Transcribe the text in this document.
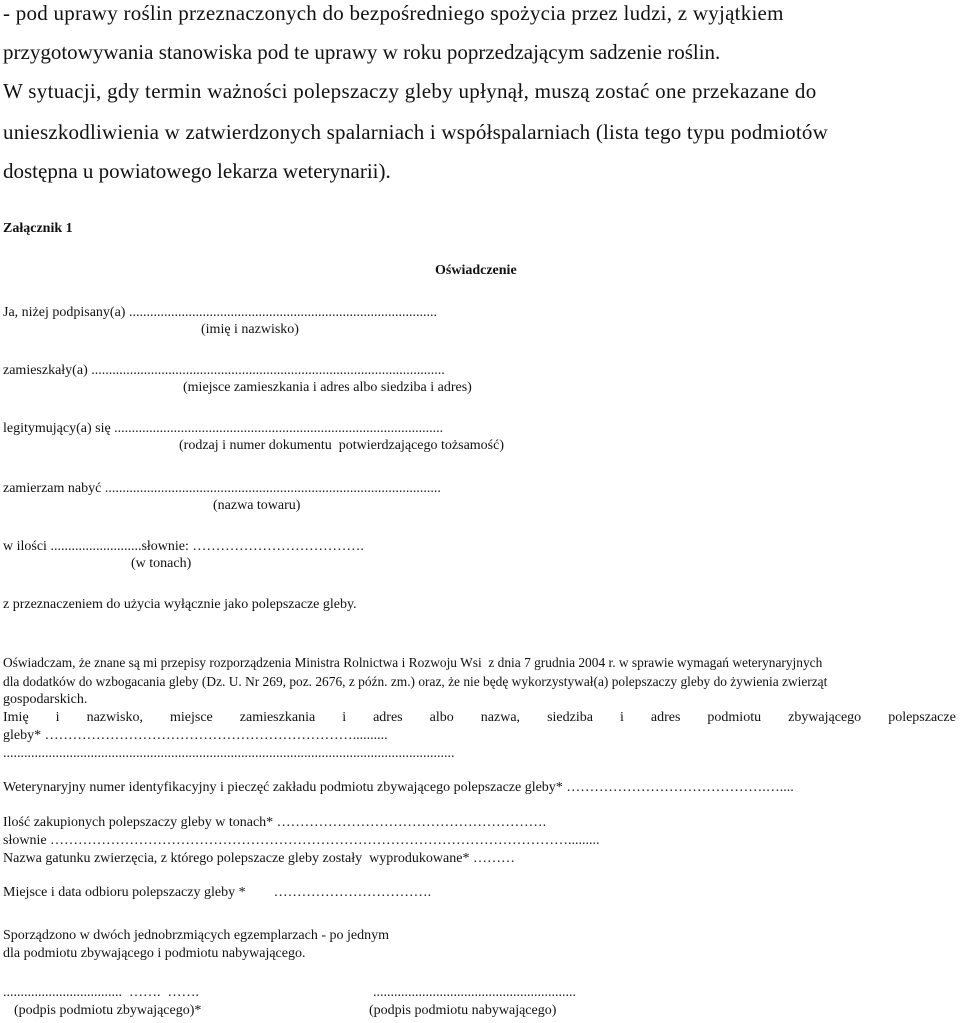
- pod uprawy roślin przeznaczonych do bezpośredniego spożycia przez ludzi, z wyjątkiem
przygotowywania stanowiska pod te uprawy w roku poprzedzającym sadzenie roślin.
W sytuacji, gdy termin ważności polepszaczy gleby upłynął, muszą zostać one przekazane do
unieszkodliwienia w zatwierdzonych spalarniach i współspalarniach (lista tego typu podmiotów
dostępna u powiatowego lekarza weterynarii).
Załącznik 1
Oświadczenie
Ja, niżej podpisany(a) ........................................................................................
(imię i nazwisko)
zamieszkały(a) .....................................................................................................
(miejsce zamieszkania i adres albo siedziba i adres)
legitymujący(a) się ..............................................................................................
(rodzaj i numer dokumentu  potwierdzającego tożsamość)
zamierzam nabyć ................................................................................................
(nazwa towaru)
w ilości ..........................słownie: ……………………………….
(w tonach)
z przeznaczeniem do użycia wyłącznie jako polepszacze gleby.
Oświadczam, że znane są mi przepisy rozporządzenia Ministra Rolnictwa i Rozwoju Wsi  z dnia 7 grudnia 2004 r. w sprawie wymagań weterynaryjnych
dla dodatków do wzbogacania gleby (Dz. U. Nr 269, poz. 2676, z późn. zm.) oraz, że nie będę wykorzystywał(a) polepszaczy gleby do żywienia zwierząt
gospodarskich.
Imię i nazwisko, miejsce zamieszkania i adres albo nazwa, siedziba i adres podmiotu zbywającego polepszacze
gleby* …………………………………………………………..........
.................................................................................................................................
Weterynaryjny numer identyfikacyjny i pieczęć zakładu podmiotu zbywającego polepszacze gleby* …………………………………….…....
Ilość zakupionych polepszaczy gleby w tonach* ………………………………………………….
słownie ………………………………………………………………………………………………….........
Nazwa gatunku zwierzęcia, z którego polepszacze gleby zostały  wyprodukowane* ………
Miejsce i data odbioru polepszaczy gleby *        …………………………….
Sporządzono w dwóch jednobrzmiących egzemplarzach - po jednym
dla podmiotu zbywającego i podmiotu nabywającego.
..................................  …….  …….	..........................................................
(podpis podmiotu zbywającego)*	(podpis podmiotu nabywającego)
